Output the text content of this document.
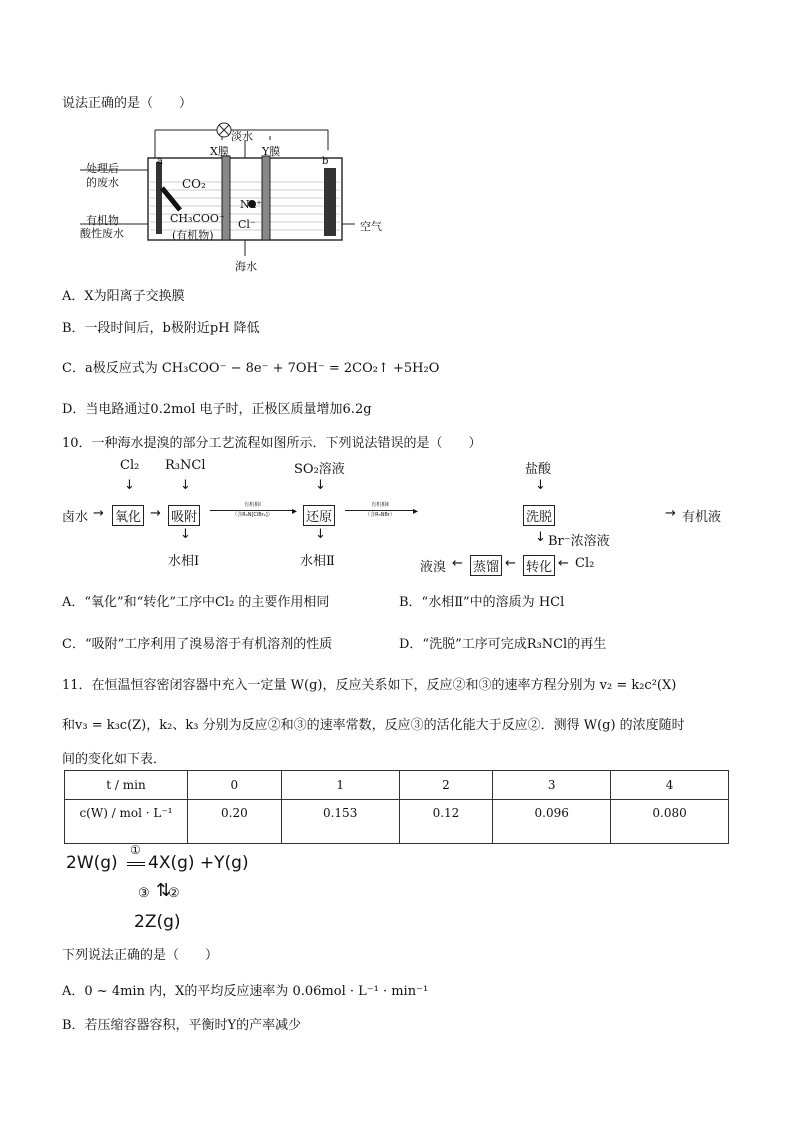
说法正确的是（　　）
淡水
X膜	Y膜
a	b
处理后
的废水
有机物
酸性废水
CO₂
CH₃COO⁻
(有机物)
Na⁺
Cl⁻	空气
海水
A．X为阳离子交换膜
B．一段时间后，b极附近pH 降低
C．a极反应式为 CH₃COO⁻ − 8e⁻ + 7OH⁻ = 2CO₂↑ +5H₂O
D．当电路通过0.2mol 电子时，正极区质量增加6.2g
10．一种海水提溴的部分工艺流程如图所示．下列说法错误的是（　　）
Cl₂ R₃NCl	SO₂溶液	盐酸
↓	↓	↓	↓
卤水 → 氧化 → 吸附
有机相Ⅰ
（含R₃N[ClBr₂]）	▸ 还原
有机相Ⅱ
（含R₃NBr）	▸	洗脱	→ 有机液
↓	↓	↓ Br⁻浓溶液
水相Ⅰ	水相Ⅱ	液溴 ← 蒸馏 ← 转化 ← Cl₂
A．“氧化”和“转化”工序中Cl₂ 的主要作用相同	B．“水相Ⅱ”中的溶质为 HCl
C．“吸附”工序利用了溴易溶于有机溶剂的性质	D．“洗脱”工序可完成R₃NCl的再生
11．在恒温恒容密闭容器中充入一定量 W(g)，反应关系如下，反应②和③的速率方程分别为 v₂ = k₂c²(X)
和v₃ = k₃c(Z)，k₂、k₃ 分别为反应②和③的速率常数，反应③的活化能大于反应②．测得 W(g) 的浓度随时
间的变化如下表．
t / min	0	1	2	3	4
c(W) / mol · L⁻¹	0.20	0.153	0.12	0.096	0.080
2W(g)
①
4X(g) +Y(g)
③ ⇅
②
2Z(g)
下列说法正确的是（　　）
A．0 ~ 4min 内，X的平均反应速率为 0.06mol · L⁻¹ · min⁻¹
B．若压缩容器容积，平衡时Y的产率减少
